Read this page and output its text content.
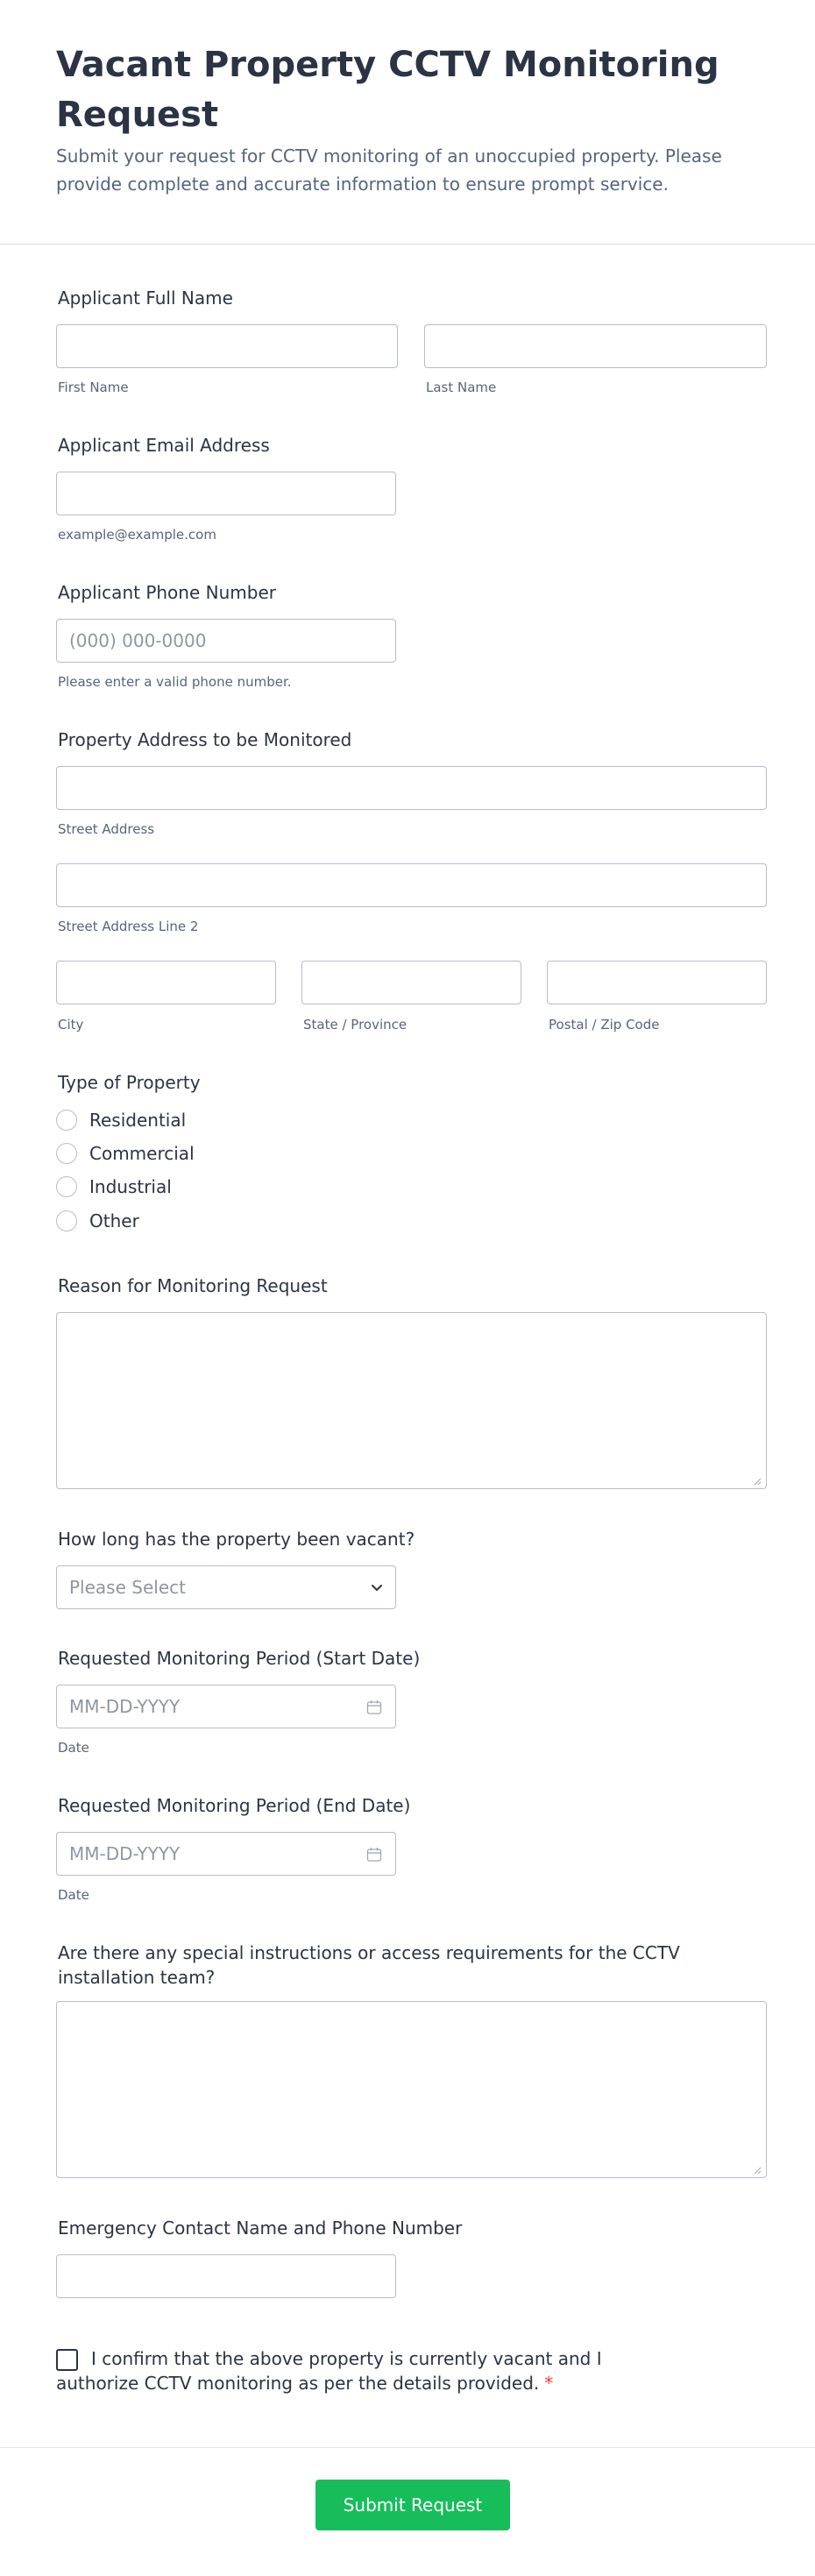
Vacant Property CCTV Monitoring Request

Submit your request for CCTV monitoring of an unoccupied property. Please provide complete and accurate information to ensure prompt service.

Applicant Full Name
First Name	Last Name
Applicant Email Address
example@example.com
Applicant Phone Number
(000) 000-0000
Please enter a valid phone number.
Property Address to be Monitored
Street Address
Street Address Line 2
City	State / Province	Postal / Zip Code
Type of Property
Residential
Commercial
Industrial
Other
Reason for Monitoring Request
How long has the property been vacant?
Please Select
Requested Monitoring Period (Start Date)
MM-DD-YYYY
Date
Requested Monitoring Period (End Date)
MM-DD-YYYY
Date
Are there any special instructions or access requirements for the CCTV installation team?
Emergency Contact Name and Phone Number

I confirm that the above property is currently vacant and I authorize CCTV monitoring as per the details provided. *

Submit Request
